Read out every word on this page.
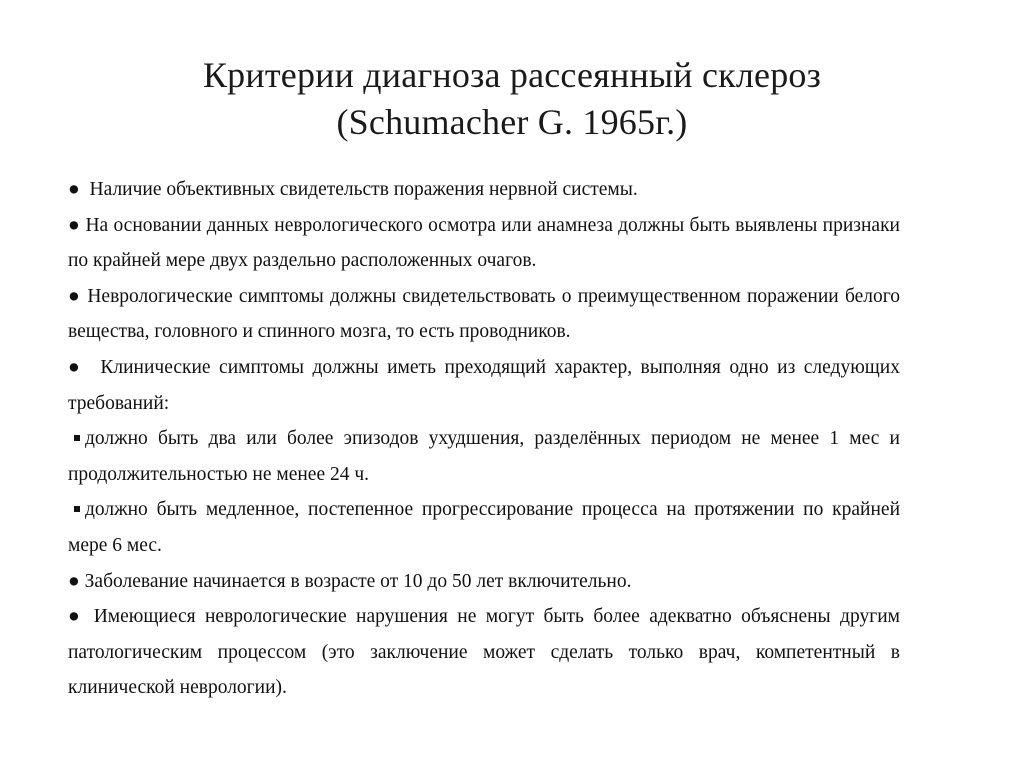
Критерии диагноза рассеянный склероз
(Schumacher G. 1965г.)

● Наличие объективных свидетельств поражения нервной системы.

● На основании данных неврологического осмотра или анамнеза должны быть выявлены признаки по крайней мере двух раздельно расположенных очагов.

● Неврологические симптомы должны свидетельствовать о преимущественном поражении белого вещества, головного и спинного мозга, то есть проводников.

● Клинические симптомы должны иметь преходящий характер, выполняя одно из следующих требований:

должно быть два или более эпизодов ухудшения, разделённых периодом не менее 1 мес и продолжительностью не менее 24 ч.

должно быть медленное, постепенное прогрессирование процесса на протяжении по крайней мере 6 мес.

● Заболевание начинается в возрасте от 10 до 50 лет включительно.

● Имеющиеся неврологические нарушения не могут быть более адекватно объяснены другим патологическим процессом (это заключение может сделать только врач, компетентный в клинической неврологии).
